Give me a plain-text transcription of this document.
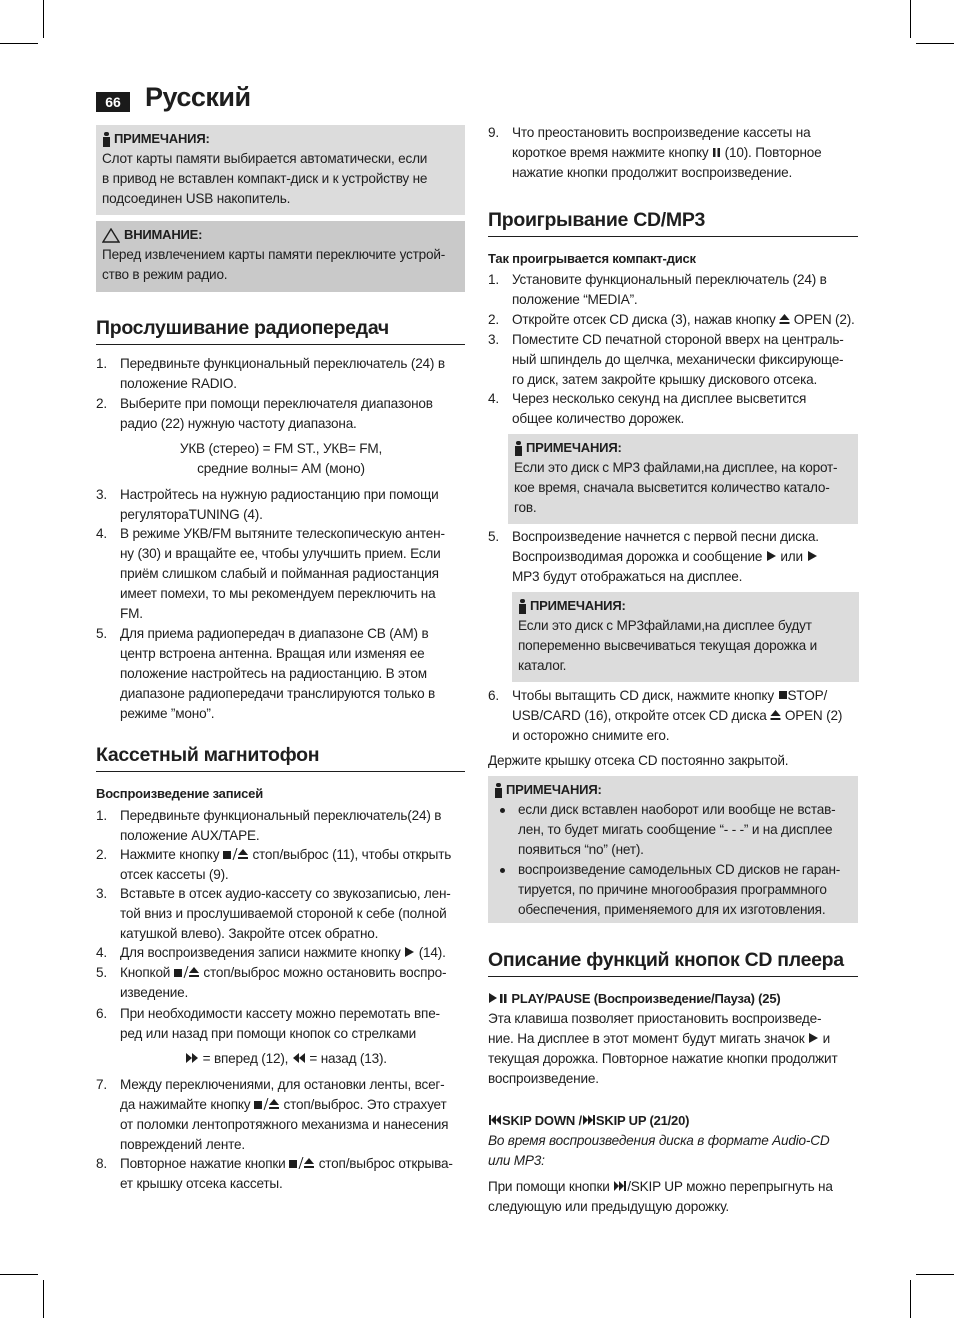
66 Русский
ПРИМЕЧАНИЯ:
Слот карты памяти выбирается автоматически, если
в привод не вставлен компакт-диск и к устройству не
подсоединен USB накопитель.
ВНИМАНИЕ:
Перед извлечением карты памяти переключите устрой-
ство в режим радио.
Прослушивание радиопередач
1. Передвиньте функциональный переключатель (24) в
положение RADIO.
2. Выберите при помощи переключателя диапазонов
радио (22) нужную частоту диапазона.
УКВ (стерео) = FM ST., УКВ= FM,
средние волны= AM (моно)
3. Настройтесь на нужную радиостанцию при помощи
регулятораTUNING (4).
4. В режиме УКВ/FM вытяните телескопическую антен-
ну (30) и вращайте ее, чтобы улучшить прием. Если
приём слишком слабый и пойманная радиостанция
имеет помехи, то мы рекомендуем переключить на
FM.
5. Для приема радиопередач в диапазоне СВ (AM) в
центр встроена антенна. Вращая или изменяя ее
положение настройтесь на радиостанцию. В этом
диапазоне радиопередачи транслируются только в
режиме ”моно”.
Кассетный магнитофон
Воспроизведение записей
1. Передвиньте функциональный переключатель(24) в
положение AUX/TAPE.
2. Нажмите кнопку  стоп/выброс (11), чтобы открыть
отсек кассеты (9).
3. Вставьте в отсек аудио-кассету со звукозаписью, лен-
той вниз и прослушиваемой стороной к себе (полной
катушкой влево). Закройте отсек обратно.
4. Для воспроизведения записи нажмите кнопку  (14).
5. Кнопкой  стоп/выброс можно остановить воспро-
изведение.
6. При необходимости кассету можно перемотать впе-
ред или назад при помощи кнопок со стрелками
= вперед (12),  = назад (13).
7. Между переключениями, для остановки ленты, всег-
да нажимайте кнопку  стоп/выброс. Это страхует
от поломки лентопротяжного механизма и нанесения
повреждений ленте.
8. Повторное нажатие кнопки  стоп/выброс открыва-
ет крышку отсека кассеты.
9. Что преостановить воспроизведение кассеты на
короткое время нажмите кнопку  (10). Повторное
нажатие кнопки продолжит воспроизведение.
Проигрывание CD/MP3
Так проигрывается компакт-диск
1. Установите функциональный переключатель (24) в
положение “MEDIA”.
2. Откройте отсек CD диска (3), нажав кнопку  OPEN (2).
3. Поместите CD печатной стороной вверх на централь-
ный шпиндель до щелчка, механически фиксирующе-
го диск, затем закройте крышку дискового отсека.
4. Через несколько секунд на дисплее высветится
общее количество дорожек.
ПРИМЕЧАНИЯ:
Если это диск с MP3 файлами,на дисплее, на корот-
кое время, сначала высветится количество катало-
гов.
5. Воспроизведение начнется с первой песни диска.
Воспроизводимая дорожка и сообщение  или
MP3 будут отображаться на дисплее.
ПРИМЕЧАНИЯ:
Если это диск с MP3файлами,на дисплее будут
попеременно высвечиваться текущая дорожка и
каталог.
6. Чтобы вытащить CD диск, нажмите кнопку STOP/
USB/CARD (16), откройте отсек CD диска  OPEN (2)
и осторожно снимите его.
Держите крышку отсека CD постоянно закрытой.
ПРИМЕЧАНИЯ:
если диск вставлен наоборот или вообще не встав-
лен, то будет мигать сообщение “- - -” и на дисплее
появиться “no” (нет).
воспроизведение самодельных CD дисков не гаран-
тируется, по причине многообразия программного
обеспечения, применяемого для их изготовления.
Описание функций кнопок CD плеера
PLAY/PAUSE (Воспроизведение/Пауза) (25)
Эта клавиша позволяет приостановить воспроизведе-
ние. На дисплее в этот момент будут мигать значок  и
текущая дорожка. Повторное нажатие кнопки продолжит
воспроизведение.
SKIP DOWN / SKIP UP (21/20)
Во время воспроизведения диска в формате Audio-CD
или MP3:
При помощи кнопки /SKIP UP можно перепрыгнуть на
следующую или предыдущую дорожку.
